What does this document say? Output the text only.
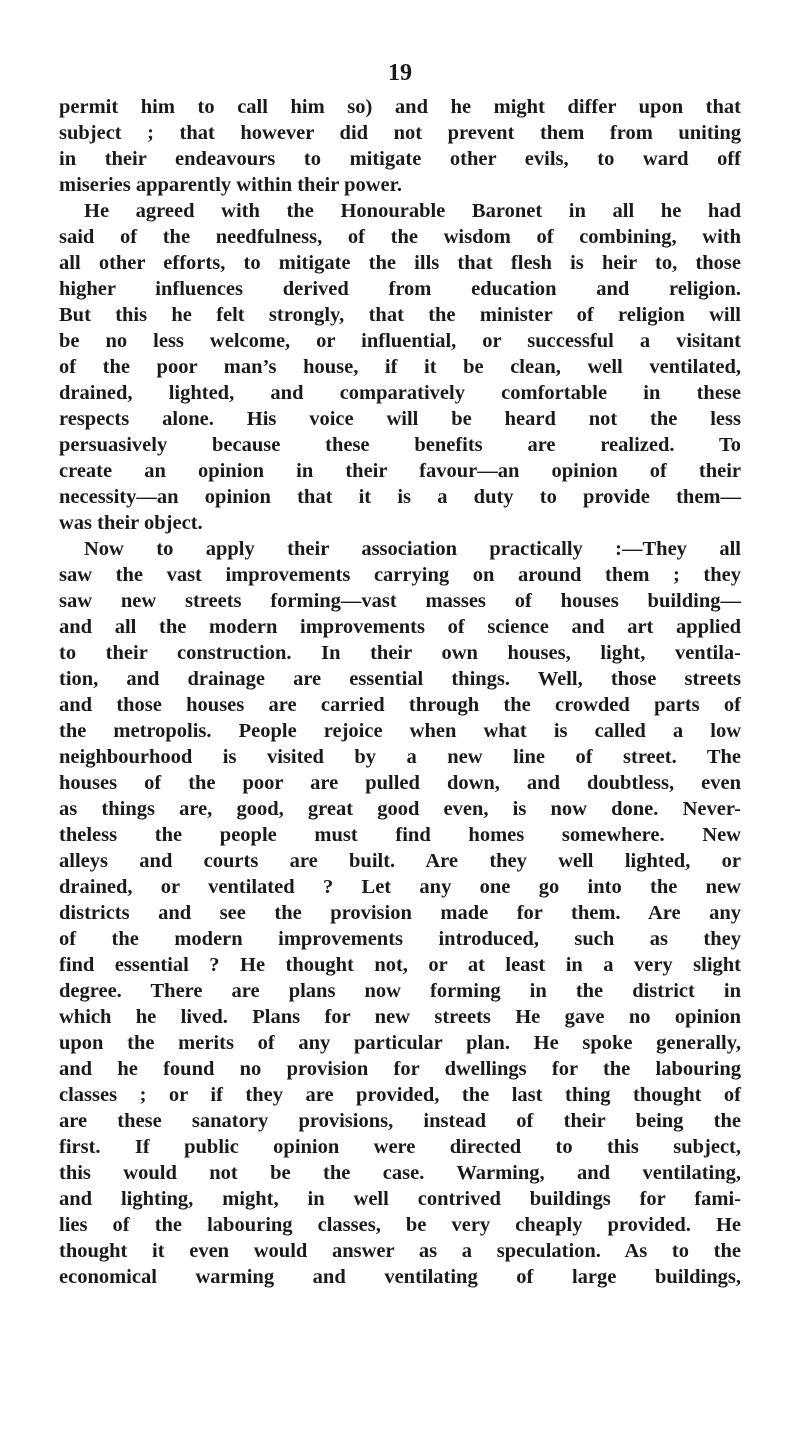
19
permit him to call him so) and he might differ upon that
subject ; that however did not prevent them from uniting
in their endeavours to mitigate other evils, to ward off
miseries apparently within their power.
He agreed with the Honourable Baronet in all he had
said of the needfulness, of the wisdom of combining, with
all other efforts, to mitigate the ills that flesh is heir to, those
higher influences derived from education and religion.
But this he felt strongly, that the minister of religion will
be no less welcome, or influential, or successful a visitant
of the poor man’s house, if it be clean, well ventilated,
drained, lighted, and comparatively comfortable in these
respects alone. His voice will be heard not the less
persuasively because these benefits are realized. To
create an opinion in their favour—an opinion of their
necessity—an opinion that it is a duty to provide them—
was their object.
Now to apply their association practically :—They all
saw the vast improvements carrying on around them ; they
saw new streets forming—vast masses of houses building—
and all the modern improvements of science and art applied
to their construction. In their own houses, light, ventila-
tion, and drainage are essential things. Well, those streets
and those houses are carried through the crowded parts of
the metropolis. People rejoice when what is called a low
neighbourhood is visited by a new line of street. The
houses of the poor are pulled down, and doubtless, even
as things are, good, great good even, is now done. Never-
theless the people must find homes somewhere. New
alleys and courts are built. Are they well lighted, or
drained, or ventilated ? Let any one go into the new
districts and see the provision made for them. Are any
of the modern improvements introduced, such as they
find essential ? He thought not, or at least in a very slight
degree. There are plans now forming in the district in
which he lived. Plans for new streets He gave no opinion
upon the merits of any particular plan. He spoke generally,
and he found no provision for dwellings for the labouring
classes ; or if they are provided, the last thing thought of
are these sanatory provisions, instead of their being the
first. If public opinion were directed to this subject,
this would not be the case. Warming, and ventilating,
and lighting, might, in well contrived buildings for fami-
lies of the labouring classes, be very cheaply provided. He
thought it even would answer as a speculation. As to the
economical warming and ventilating of large buildings,
